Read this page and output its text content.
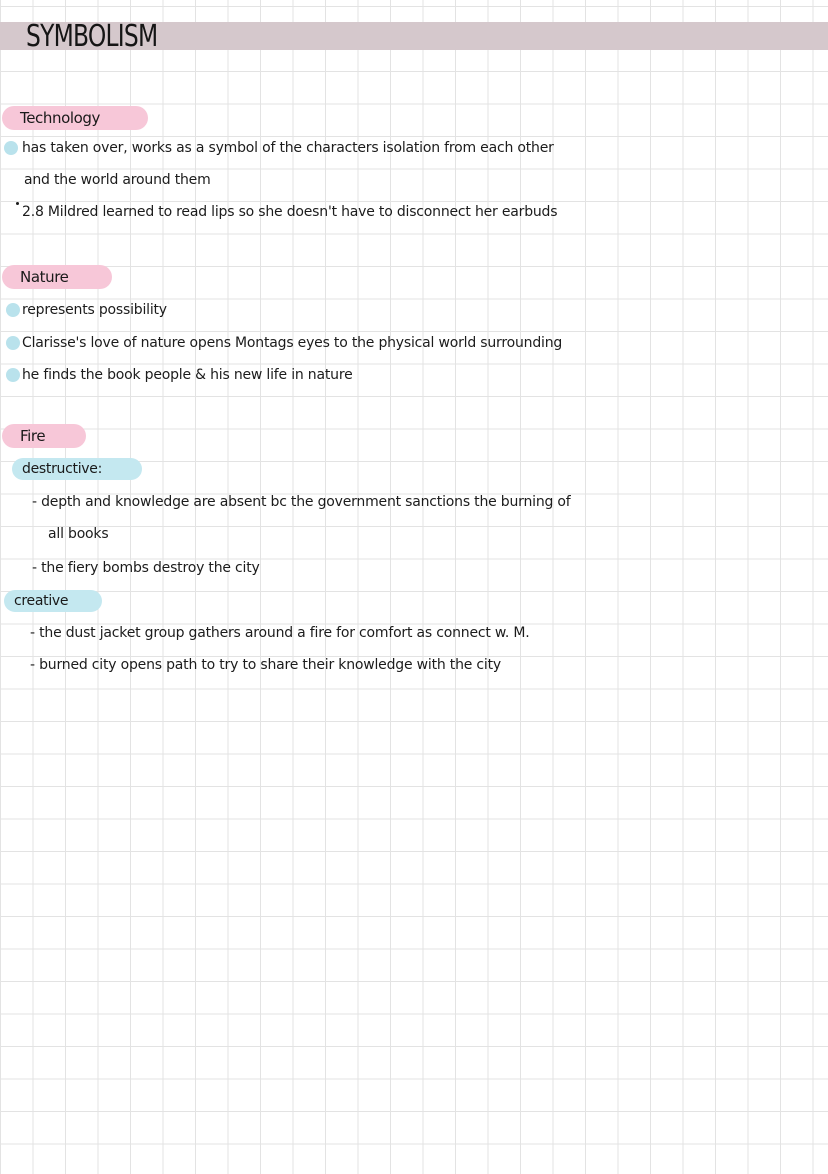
SYMBOLISM
Technology
has taken over, works as a symbol of the characters isolation from each other
and the world around them
2.8 Mildred learned to read lips so she doesn't have to disconnect her earbuds
Nature
represents possibility
Clarisse's love of nature opens Montags eyes to the physical world surrounding
he finds the book people & his new life in nature
Fire
destructive:
- depth and knowledge are absent bc the government sanctions the burning of
all books
- the fiery bombs destroy the city
creative
- the dust jacket group gathers around a fire for comfort as connect w. M.
- burned city opens path to try to share their knowledge with the city
